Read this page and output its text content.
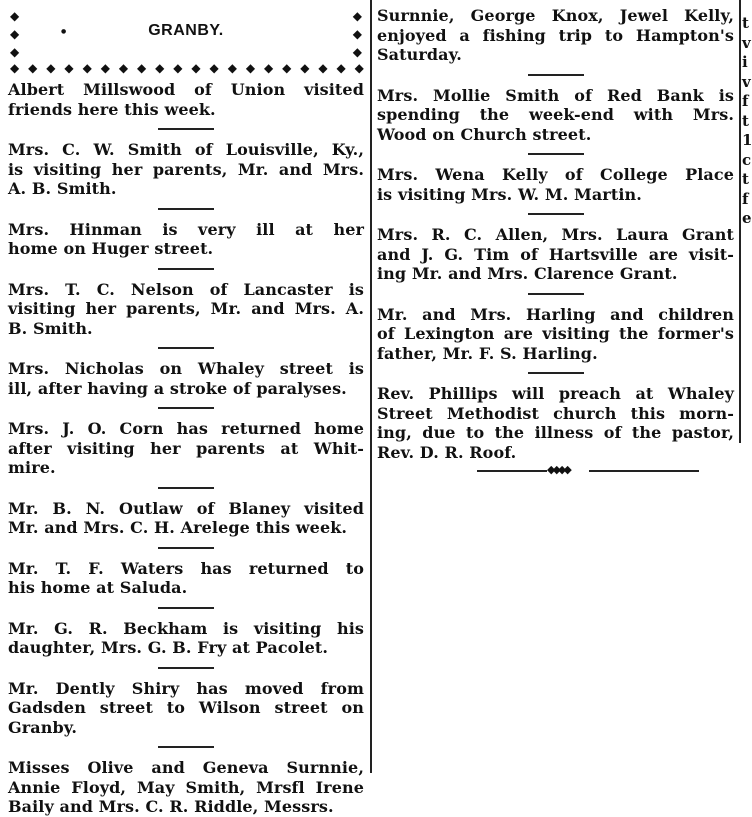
◆
◆
◆
◆
◆
◆
●	GRANBY.
◆ ◆ ◆ ◆ ◆ ◆ ◆ ◆ ◆ ◆ ◆ ◆ ◆ ◆ ◆ ◆ ◆ ◆ ◆ ◆

Albert Millswood of Union visited
friends here this week.

Mrs. C. W. Smith of Louisville, Ky.,
is visiting her parents, Mr. and Mrs.
A. B. Smith.

Mrs. Hinman is very ill at her
home on Huger street.

Mrs. T. C. Nelson of Lancaster is
visiting her parents, Mr. and Mrs. A.
B. Smith.

Mrs. Nicholas on Whaley street is
ill, after having a stroke of paralyses.

Mrs. J. O. Corn has returned home
after visiting her parents at Whit-
mire.

Mr. B. N. Outlaw of Blaney visited
Mr. and Mrs. C. H. Arelege this week.

Mr. T. F. Waters has returned to
his home at Saluda.

Mr. G. R. Beckham is visiting his
daughter, Mrs. G. B. Fry at Pacolet.

Mr. Dently Shiry has moved from
Gadsden street to Wilson street on
Granby.

Misses Olive and Geneva Surnnie,
Annie Floyd, May Smith, Mrsfl Irene
Baily and Mrs. C. R. Riddle, Messrs.

Surnnie, George Knox, Jewel Kelly,
enjoyed a fishing trip to Hampton's
Saturday.

Mrs. Mollie Smith of Red Bank is
spending the week-end with Mrs.
Wood on Church street.

Mrs. Wena Kelly of College Place
is visiting Mrs. W. M. Martin.

Mrs. R. C. Allen, Mrs. Laura Grant
and J. G. Tim of Hartsville are visit-
ing Mr. and Mrs. Clarence Grant.

Mr. and Mrs. Harling and children
of Lexington are visiting the former's
father, Mr. F. S. Harling.

Rev. Phillips will preach at Whaley
Street Methodist church this morn-
ing, due to the illness of the pastor,
Rev. D. R. Roof.

◆◆◆◆
t
v
i
v
f
t
1
c
t
f
e
